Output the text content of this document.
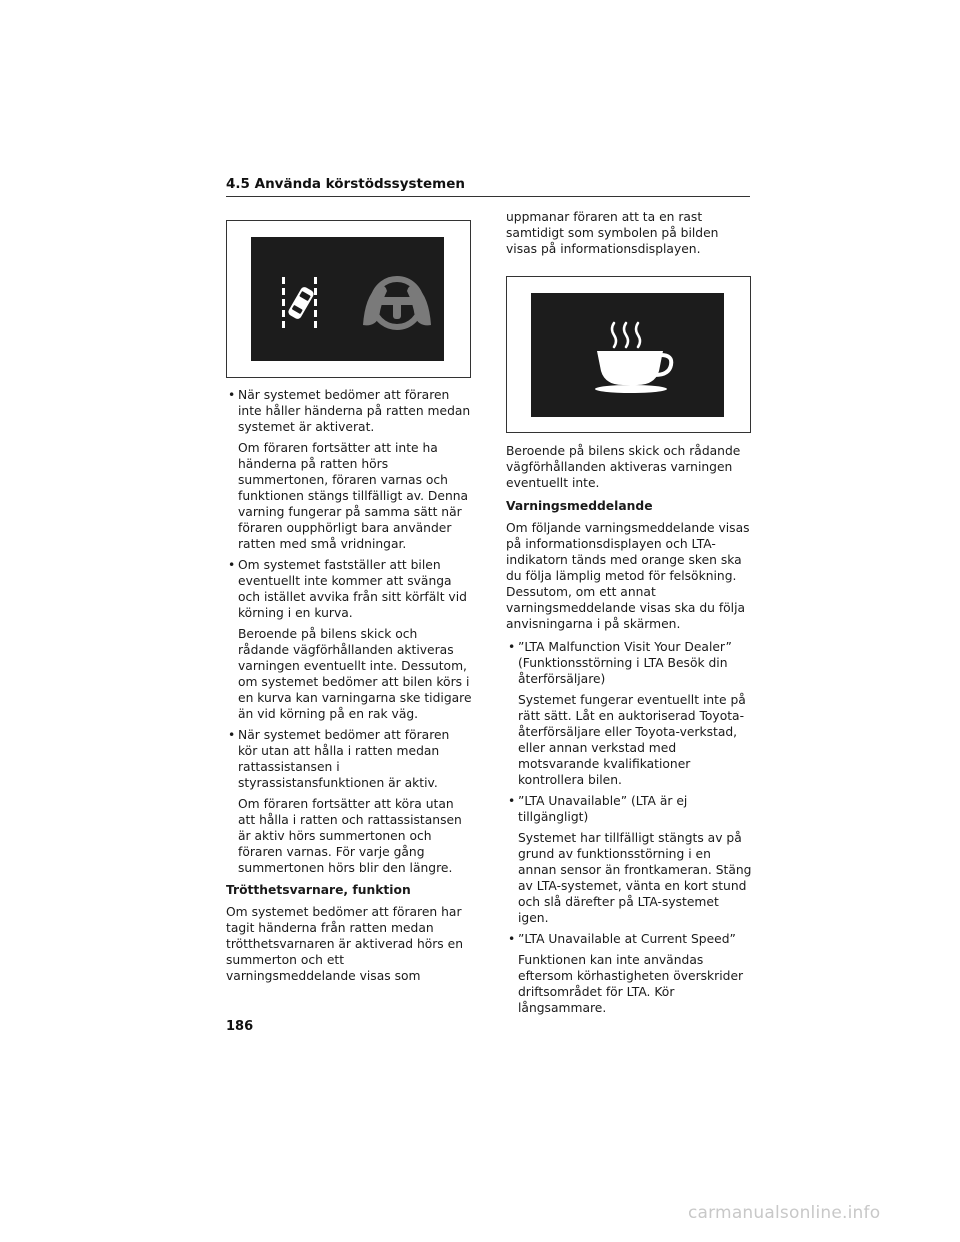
4.5 Använda körstödssystemen
• När systemet bedömer att föraren inte håller händerna på ratten medan systemet är aktiverat.
Om föraren fortsätter att inte ha händerna på ratten hörs summertonen, föraren varnas och funktionen stängs tillfälligt av. Denna varning fungerar på samma sätt när föraren oupphörligt bara använder ratten med små vridningar.
• Om systemet fastställer att bilen eventuellt inte kommer att svänga och istället avvika från sitt körfält vid körning i en kurva.
Beroende på bilens skick och rådande vägförhållanden aktiveras varningen eventuellt inte. Dessutom, om systemet bedömer att bilen körs i en kurva kan varningarna ske tidigare än vid körning på en rak väg.
• När systemet bedömer att föraren kör utan att hålla i ratten medan rattassistansen i styrassistansfunktionen är aktiv.
Om föraren fortsätter att köra utan att hålla i ratten och rattassistansen är aktiv hörs summertonen och föraren varnas. För varje gång summertonen hörs blir den längre.

Trötthetsvarnare, funktion

Om systemet bedömer att föraren har tagit händerna från ratten medan trötthetsvarnaren är aktiverad hörs en summerton och ett varningsmeddelande visas som

uppmanar föraren att ta en rast samtidigt som symbolen på bilden visas på informationsdisplayen.

Beroende på bilens skick och rådande vägförhållanden aktiveras varningen eventuellt inte.

Varningsmeddelande

Om följande varningsmeddelande visas på informationsdisplayen och LTA-indikatorn tänds med orange sken ska du följa lämplig metod för felsökning. Dessutom, om ett annat varningsmeddelande visas ska du följa anvisningarna i på skärmen.

• ”LTA Malfunction Visit Your Dealer” (Funktionsstörning i LTA Besök din återförsäljare)
Systemet fungerar eventuellt inte på rätt sätt. Låt en auktoriserad Toyota-återförsäljare eller Toyota-verkstad, eller annan verkstad med motsvarande kvalifikationer kontrollera bilen.
• ”LTA Unavailable” (LTA är ej tillgängligt)
Systemet har tillfälligt stängts av på grund av funktionsstörning i en annan sensor än frontkameran. Stäng av LTA-systemet, vänta en kort stund och slå därefter på LTA-systemet igen.
• ”LTA Unavailable at Current Speed”
Funktionen kan inte användas eftersom körhastigheten överskrider driftsområdet för LTA. Kör långsammare.
186
carmanualsonline.info
